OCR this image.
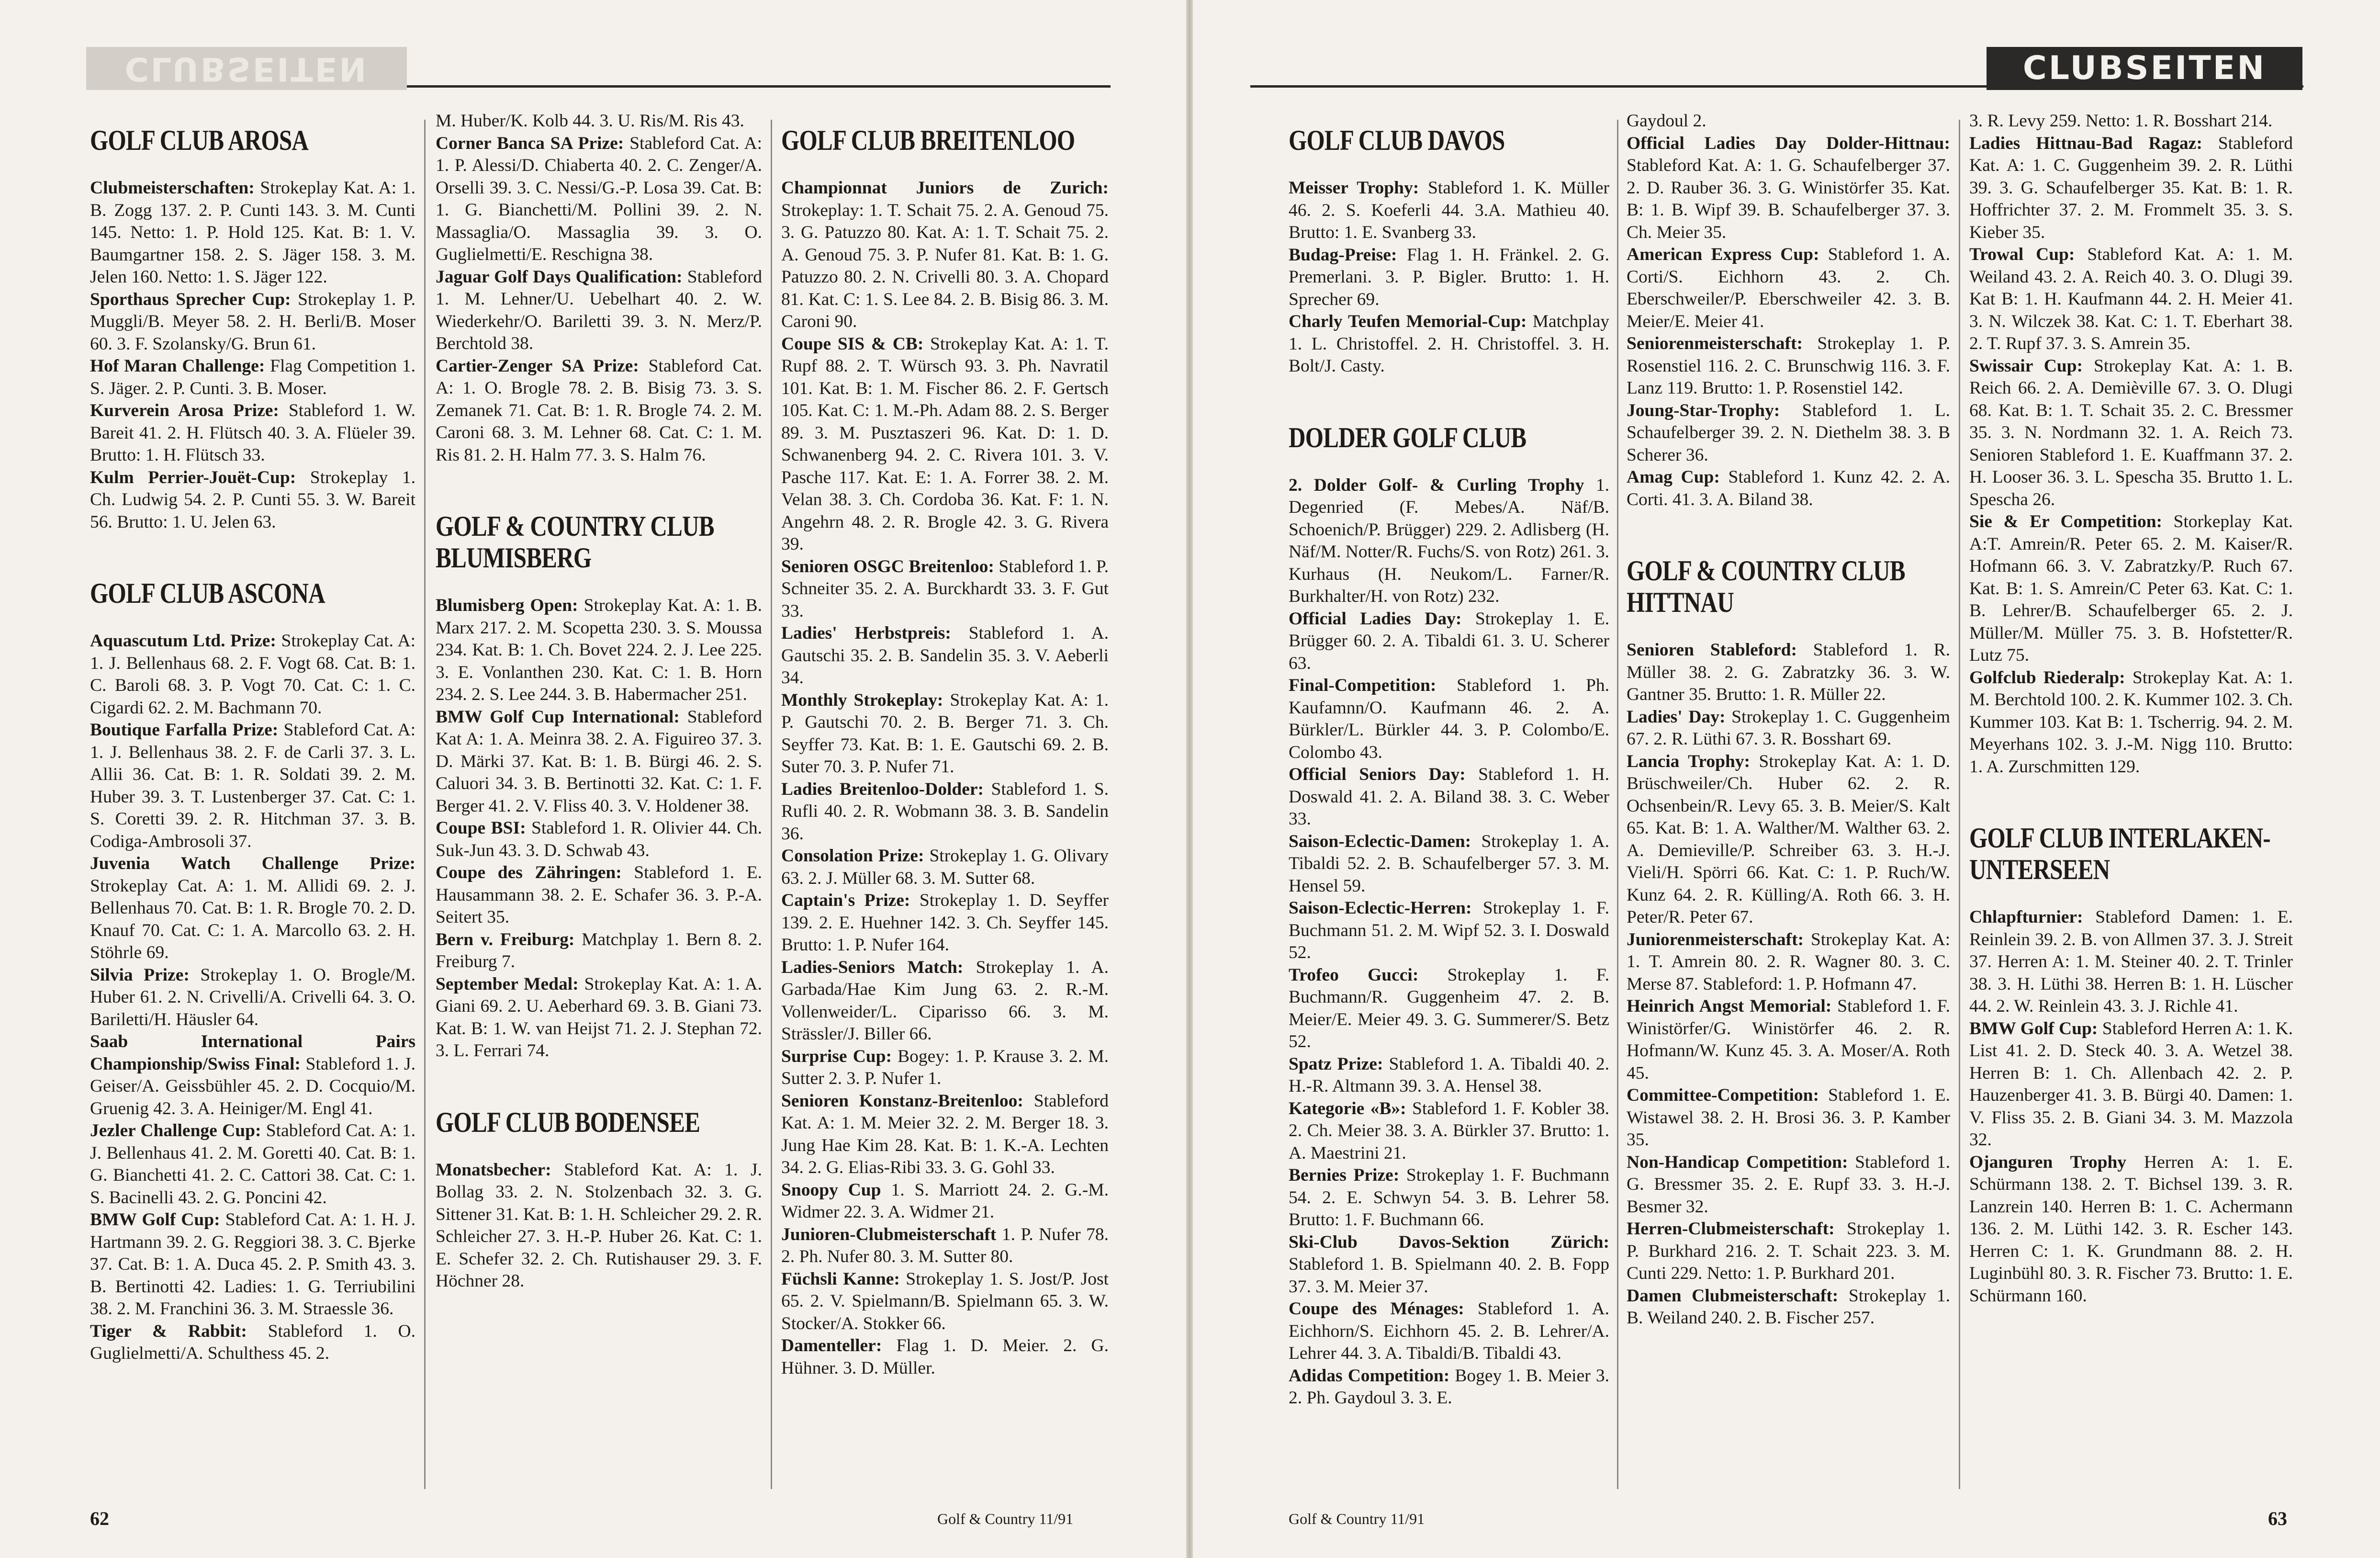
CLUBSEITEN
GOLF CLUB AROSA

Clubmeisterschaften: Strokeplay Kat. A: 1. B. Zogg 137. 2. P. Cunti 143. 3. M. Cunti 145. Netto: 1. P. Hold 125. Kat. B: 1. V. Baumgartner 158. 2. S. Jäger 158. 3. M. Jelen 160. Netto: 1. S. Jäger 122.

Sporthaus Sprecher Cup: Strokeplay 1. P. Muggli/B. Meyer 58. 2. H. Berli/B. Moser 60. 3. F. Szolansky/G. Brun 61.

Hof Maran Challenge: Flag Competition 1. S. Jäger. 2. P. Cunti. 3. B. Moser.

Kurverein Arosa Prize: Stableford 1. W. Bareit 41. 2. H. Flütsch 40. 3. A. Flüeler 39. Brutto: 1. H. Flütsch 33.

Kulm Perrier-Jouët-Cup: Strokeplay 1. Ch. Ludwig 54. 2. P. Cunti 55. 3. W. Bareit 56. Brutto: 1. U. Jelen 63.

GOLF CLUB ASCONA

Aquascutum Ltd. Prize: Strokeplay Cat. A: 1. J. Bellenhaus 68. 2. F. Vogt 68. Cat. B: 1. C. Baroli 68. 3. P. Vogt 70. Cat. C: 1. C. Cigardi 62. 2. M. Bachmann 70.

Boutique Farfalla Prize: Stableford Cat. A: 1. J. Bellenhaus 38. 2. F. de Carli 37. 3. L. Allii 36. Cat. B: 1. R. Soldati 39. 2. M. Huber 39. 3. T. Lustenberger 37. Cat. C: 1. S. Coretti 39. 2. R. Hitchman 37. 3. B. Codiga-Ambrosoli 37.

Juvenia Watch Challenge Prize: Strokeplay Cat. A: 1. M. Allidi 69. 2. J. Bellenhaus 70. Cat. B: 1. R. Brogle 70. 2. D. Knauf 70. Cat. C: 1. A. Marcollo 63. 2. H. Stöhrle 69.

Silvia Prize: Strokeplay 1. O. Brogle/M. Huber 61. 2. N. Crivelli/A. Crivelli 64. 3. O. Bariletti/H. Häusler 64.

Saab International Pairs Championship/Swiss Final: Stableford 1. J. Geiser/A. Geissbühler 45. 2. D. Cocquio/M. Gruenig 42. 3. A. Heiniger/M. Engl 41.

Jezler Challenge Cup: Stableford Cat. A: 1. J. Bellenhaus 41. 2. M. Goretti 40. Cat. B: 1. G. Bianchetti 41. 2. C. Cattori 38. Cat. C: 1. S. Bacinelli 43. 2. G. Poncini 42.

BMW Golf Cup: Stableford Cat. A: 1. H. J. Hartmann 39. 2. G. Reggiori 38. 3. C. Bjerke 37. Cat. B: 1. A. Duca 45. 2. P. Smith 43. 3. B. Bertinotti 42. Ladies: 1. G. Terriubilini 38. 2. M. Franchini 36. 3. M. Straessle 36.

Tiger & Rabbit: Stableford 1. O. Guglielmetti/A. Schulthess 45. 2.

M. Huber/K. Kolb 44. 3. U. Ris/M. Ris 43.

Corner Banca SA Prize: Stableford Cat. A: 1. P. Alessi/D. Chiaberta 40. 2. C. Zenger/A. Orselli 39. 3. C. Nessi/G.-P. Losa 39. Cat. B: 1. G. Bianchetti/M. Pollini 39. 2. N. Massaglia/O. Massaglia 39. 3. O. Guglielmetti/E. Reschigna 38.

Jaguar Golf Days Qualification: Stableford 1. M. Lehner/U. Uebelhart 40. 2. W. Wiederkehr/O. Bariletti 39. 3. N. Merz/P. Berchtold 38.

Cartier-Zenger SA Prize: Stableford Cat. A: 1. O. Brogle 78. 2. B. Bisig 73. 3. S. Zemanek 71. Cat. B: 1. R. Brogle 74. 2. M. Caroni 68. 3. M. Lehner 68. Cat. C: 1. M. Ris 81. 2. H. Halm 77. 3. S. Halm 76.

GOLF & COUNTRY CLUB BLUMISBERG

Blumisberg Open: Strokeplay Kat. A: 1. B. Marx 217. 2. M. Scopetta 230. 3. S. Moussa 234. Kat. B: 1. Ch. Bovet 224. 2. J. Lee 225. 3. E. Vonlanthen 230. Kat. C: 1. B. Horn 234. 2. S. Lee 244. 3. B. Habermacher 251.

BMW Golf Cup International: Stableford Kat A: 1. A. Meinra 38. 2. A. Figuireo 37. 3. D. Märki 37. Kat. B: 1. B. Bürgi 46. 2. S. Caluori 34. 3. B. Bertinotti 32. Kat. C: 1. F. Berger 41. 2. V. Fliss 40. 3. V. Holdener 38.

Coupe BSI: Stableford 1. R. Olivier 44. Ch. Suk-Jun 43. 3. D. Schwab 43.

Coupe des Zähringen: Stableford 1. E. Hausammann 38. 2. E. Schafer 36. 3. P.-A. Seitert 35.

Bern v. Freiburg: Matchplay 1. Bern 8. 2. Freiburg 7.

September Medal: Strokeplay Kat. A: 1. A. Giani 69. 2. U. Aeberhard 69. 3. B. Giani 73. Kat. B: 1. W. van Heijst 71. 2. J. Stephan 72. 3. L. Ferrari 74.

GOLF CLUB BODENSEE

Monatsbecher: Stableford Kat. A: 1. J. Bollag 33. 2. N. Stolzenbach 32. 3. G. Sittener 31. Kat. B: 1. H. Schleicher 29. 2. R. Schleicher 27. 3. H.-P. Huber 26. Kat. C: 1. E. Schefer 32. 2. Ch. Rutishauser 29. 3. F. Höchner 28.

GOLF CLUB BREITENLOO

Championnat Juniors de Zurich: Strokeplay: 1. T. Schait 75. 2. A. Genoud 75. 3. G. Patuzzo 80. Kat. A: 1. T. Schait 75. 2. A. Genoud 75. 3. P. Nufer 81. Kat. B: 1. G. Patuzzo 80. 2. N. Crivelli 80. 3. A. Chopard 81. Kat. C: 1. S. Lee 84. 2. B. Bisig 86. 3. M. Caroni 90.

Coupe SIS & CB: Strokeplay Kat. A: 1. T. Rupf 88. 2. T. Würsch 93. 3. Ph. Navratil 101. Kat. B: 1. M. Fischer 86. 2. F. Gertsch 105. Kat. C: 1. M.-Ph. Adam 88. 2. S. Berger 89. 3. M. Pusztaszeri 96. Kat. D: 1. D. Schwanenberg 94. 2. C. Rivera 101. 3. V. Pasche 117. Kat. E: 1. A. Forrer 38. 2. M. Velan 38. 3. Ch. Cordoba 36. Kat. F: 1. N. Angehrn 48. 2. R. Brogle 42. 3. G. Rivera 39.

Senioren OSGC Breitenloo: Stableford 1. P. Schneiter 35. 2. A. Burckhardt 33. 3. F. Gut 33.

Ladies' Herbstpreis: Stableford 1. A. Gautschi 35. 2. B. Sandelin 35. 3. V. Aeberli 34.

Monthly Strokeplay: Strokeplay Kat. A: 1. P. Gautschi 70. 2. B. Berger 71. 3. Ch. Seyffer 73. Kat. B: 1. E. Gautschi 69. 2. B. Suter 70. 3. P. Nufer 71.

Ladies Breitenloo-Dolder: Stableford 1. S. Rufli 40. 2. R. Wobmann 38. 3. B. Sandelin 36.

Consolation Prize: Strokeplay 1. G. Olivary 63. 2. J. Müller 68. 3. M. Sutter 68.

Captain's Prize: Strokeplay 1. D. Seyffer 139. 2. E. Huehner 142. 3. Ch. Seyffer 145. Brutto: 1. P. Nufer 164.

Ladies-Seniors Match: Strokeplay 1. A. Garbada/Hae Kim Jung 63. 2. R.-M. Vollenweider/L. Ciparisso 66. 3. M. Strässler/J. Biller 66.

Surprise Cup: Bogey: 1. P. Krause 3. 2. M. Sutter 2. 3. P. Nufer 1.

Senioren Konstanz-Breitenloo: Stableford Kat. A: 1. M. Meier 32. 2. M. Berger 18. 3. Jung Hae Kim 28. Kat. B: 1. K.-A. Lechten 34. 2. G. Elias-Ribi 33. 3. G. Gohl 33.

Snoopy Cup 1. S. Marriott 24. 2. G.-M. Widmer 22. 3. A. Widmer 21.

Junioren-Clubmeisterschaft 1. P. Nufer 78. 2. Ph. Nufer 80. 3. M. Sutter 80.

Füchsli Kanne: Strokeplay 1. S. Jost/P. Jost 65. 2. V. Spielmann/B. Spielmann 65. 3. W. Stocker/A. Stokker 66.

Damenteller: Flag 1. D. Meier. 2. G. Hühner. 3. D. Müller.

62	Golf & Country 11/91
CLUBSEITEN
GOLF CLUB DAVOS

Meisser Trophy: Stableford 1. K. Müller 46. 2. S. Koeferli 44. 3.A. Mathieu 40. Brutto: 1. E. Svanberg 33.

Budag-Preise: Flag 1. H. Fränkel. 2. G. Premerlani. 3. P. Bigler. Brutto: 1. H. Sprecher 69.

Charly Teufen Memorial-Cup: Matchplay 1. L. Christoffel. 2. H. Christoffel. 3. H. Bolt/J. Casty.

DOLDER GOLF CLUB

2. Dolder Golf- & Curling Trophy 1. Degenried (F. Mebes/A. Näf/B. Schoenich/P. Brügger) 229. 2. Adlisberg (H. Näf/M. Notter/R. Fuchs/S. von Rotz) 261. 3. Kurhaus (H. Neukom/L. Farner/R. Burkhalter/H. von Rotz) 232.

Official Ladies Day: Strokeplay 1. E. Brügger 60. 2. A. Tibaldi 61. 3. U. Scherer 63.

Final-Competition: Stableford 1. Ph. Kaufamnn/O. Kaufmann 46. 2. A. Bürkler/L. Bürkler 44. 3. P. Colombo/E. Colombo 43.

Official Seniors Day: Stableford 1. H. Doswald 41. 2. A. Biland 38. 3. C. Weber 33.

Saison-Eclectic-Damen: Strokeplay 1. A. Tibaldi 52. 2. B. Schaufelberger 57. 3. M. Hensel 59.

Saison-Eclectic-Herren: Strokeplay 1. F. Buchmann 51. 2. M. Wipf 52. 3. I. Doswald 52.

Trofeo Gucci: Strokeplay 1. F. Buchmann/R. Guggenheim 47. 2. B. Meier/E. Meier 49. 3. G. Summerer/S. Betz 52.

Spatz Prize: Stableford 1. A. Tibaldi 40. 2. H.-R. Altmann 39. 3. A. Hensel 38.

Kategorie «B»: Stableford 1. F. Kobler 38. 2. Ch. Meier 38. 3. A. Bürkler 37. Brutto: 1. A. Maestrini 21.

Bernies Prize: Strokeplay 1. F. Buchmann 54. 2. E. Schwyn 54. 3. B. Lehrer 58. Brutto: 1. F. Buchmann 66.

Ski-Club Davos-Sektion Zürich: Stableford 1. B. Spielmann 40. 2. B. Fopp 37. 3. M. Meier 37.

Coupe des Ménages: Stableford 1. A. Eichhorn/S. Eichhorn 45. 2. B. Lehrer/A. Lehrer 44. 3. A. Tibaldi/B. Tibaldi 43.

Adidas Competition: Bogey 1. B. Meier 3. 2. Ph. Gaydoul 3. 3. E.

Gaydoul 2.

Official Ladies Day Dolder-Hittnau: Stableford Kat. A: 1. G. Schaufelberger 37. 2. D. Rauber 36. 3. G. Winistörfer 35. Kat. B: 1. B. Wipf 39. B. Schaufelberger 37. 3. Ch. Meier 35.

American Express Cup: Stableford 1. A. Corti/S. Eichhorn 43. 2. Ch. Eberschweiler/P. Eberschweiler 42. 3. B. Meier/E. Meier 41.

Seniorenmeisterschaft: Strokeplay 1. P. Rosenstiel 116. 2. C. Brunschwig 116. 3. F. Lanz 119. Brutto: 1. P. Rosenstiel 142.

Joung-Star-Trophy: Stableford 1. L. Schaufelberger 39. 2. N. Diethelm 38. 3. B Scherer 36.

Amag Cup: Stableford 1. Kunz 42. 2. A. Corti. 41. 3. A. Biland 38.

GOLF & COUNTRY CLUB HITTNAU

Senioren Stableford: Stableford 1. R. Müller 38. 2. G. Zabratzky 36. 3. W. Gantner 35. Brutto: 1. R. Müller 22.

Ladies' Day: Strokeplay 1. C. Guggenheim 67. 2. R. Lüthi 67. 3. R. Bosshart 69.

Lancia Trophy: Strokeplay Kat. A: 1. D. Brüschweiler/Ch. Huber 62. 2. R. Ochsenbein/R. Levy 65. 3. B. Meier/S. Kalt 65. Kat. B: 1. A. Walther/M. Walther 63. 2. A. Demieville/P. Schreiber 63. 3. H.-J. Vieli/H. Spörri 66. Kat. C: 1. P. Ruch/W. Kunz 64. 2. R. Külling/A. Roth 66. 3. H. Peter/R. Peter 67.

Juniorenmeisterschaft: Strokeplay Kat. A: 1. T. Amrein 80. 2. R. Wagner 80. 3. C. Merse 87. Stableford: 1. P. Hofmann 47.

Heinrich Angst Memorial: Stableford 1. F. Winistörfer/G. Winistörfer 46. 2. R. Hofmann/W. Kunz 45. 3. A. Moser/A. Roth 45.

Committee-Competition: Stableford 1. E. Wistawel 38. 2. H. Brosi 36. 3. P. Kamber 35.

Non-Handicap Competition: Stableford 1. G. Bressmer 35. 2. E. Rupf 33. 3. H.-J. Besmer 32.

Herren-Clubmeisterschaft: Strokeplay 1. P. Burkhard 216. 2. T. Schait 223. 3. M. Cunti 229. Netto: 1. P. Burkhard 201.

Damen Clubmeisterschaft: Strokeplay 1. B. Weiland 240. 2. B. Fischer 257.

3. R. Levy 259. Netto: 1. R. Bosshart 214.

Ladies Hittnau-Bad Ragaz: Stableford Kat. A: 1. C. Guggenheim 39. 2. R. Lüthi 39. 3. G. Schaufelberger 35. Kat. B: 1. R. Hoffrichter 37. 2. M. Frommelt 35. 3. S. Kieber 35.

Trowal Cup: Stableford Kat. A: 1. M. Weiland 43. 2. A. Reich 40. 3. O. Dlugi 39. Kat B: 1. H. Kaufmann 44. 2. H. Meier 41. 3. N. Wilczek 38. Kat. C: 1. T. Eberhart 38. 2. T. Rupf 37. 3. S. Amrein 35.

Swissair Cup: Strokeplay Kat. A: 1. B. Reich 66. 2. A. Demièville 67. 3. O. Dlugi 68. Kat. B: 1. T. Schait 35. 2. C. Bressmer 35. 3. N. Nordmann 32. 1. A. Reich 73. Senioren Stableford 1. E. Kuaffmann 37. 2. H. Looser 36. 3. L. Spescha 35. Brutto 1. L. Spescha 26.

Sie & Er Competition: Storkeplay Kat. A:T. Amrein/R. Peter 65. 2. M. Kaiser/R. Hofmann 66. 3. V. Zabratzky/P. Ruch 67. Kat. B: 1. S. Amrein/C Peter 63. Kat. C: 1. B. Lehrer/B. Schaufelberger 65. 2. J. Müller/M. Müller 75. 3. B. Hofstetter/R. Lutz 75.

Golfclub Riederalp: Strokeplay Kat. A: 1. M. Berchtold 100. 2. K. Kummer 102. 3. Ch. Kummer 103. Kat B: 1. Tscherrig. 94. 2. M. Meyerhans 102. 3. J.-M. Nigg 110. Brutto: 1. A. Zurschmitten 129.

GOLF CLUB INTERLAKEN-UNTERSEEN

Chlapfturnier: Stableford Damen: 1. E. Reinlein 39. 2. B. von Allmen 37. 3. J. Streit 37. Herren A: 1. M. Steiner 40. 2. T. Trinler 38. 3. H. Lüthi 38. Herren B: 1. H. Lüscher 44. 2. W. Reinlein 43. 3. J. Richle 41.

BMW Golf Cup: Stableford Herren A: 1. K. List 41. 2. D. Steck 40. 3. A. Wetzel 38. Herren B: 1. Ch. Allenbach 42. 2. P. Hauzenberger 41. 3. B. Bürgi 40. Damen: 1. V. Fliss 35. 2. B. Giani 34. 3. M. Mazzola 32.

Ojanguren Trophy Herren A: 1. E. Schürmann 138. 2. T. Bichsel 139. 3. R. Lanzrein 140. Herren B: 1. C. Achermann 136. 2. M. Lüthi 142. 3. R. Escher 143. Herren C: 1. K. Grundmann 88. 2. H. Luginbühl 80. 3. R. Fischer 73. Brutto: 1. E. Schürmann 160.

Golf & Country 11/91	63
